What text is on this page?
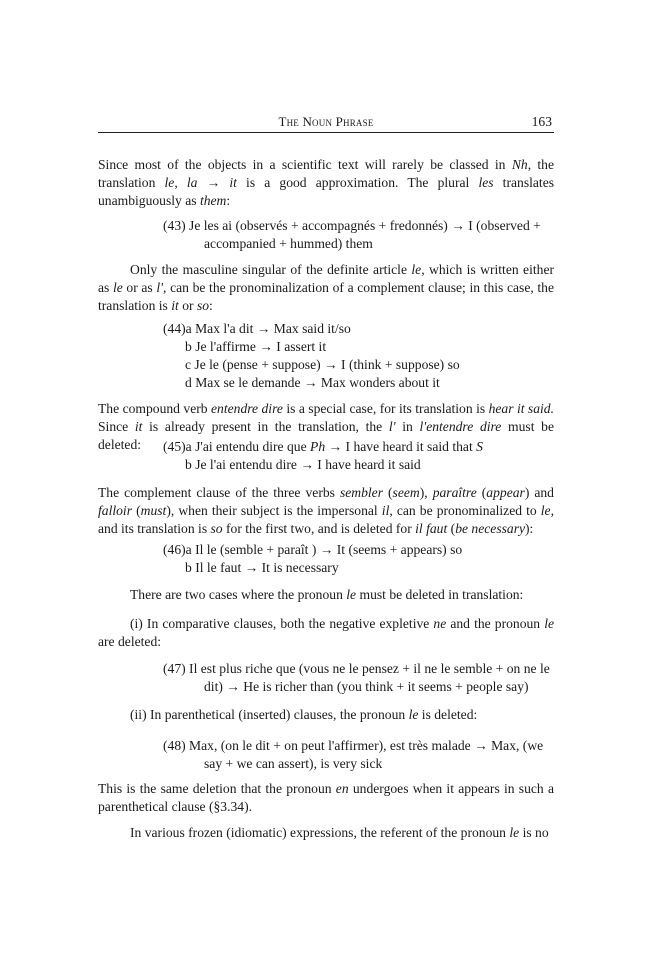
The Noun Phrase	163

Since most of the objects in a scientific text will rarely be classed in Nh, the translation le, la → it is a good approximation. The plural les translates unambiguously as them:

(43) Je les ai (observés + accompagnés + fredonnés) → I (observed +
accompanied + hummed) them

Only the masculine singular of the definite article le, which is written either as le or as l', can be the pronominalization of a complement clause; in this case, the translation is it or so:

(44)a Max l'a dit → Max said it/so
b Je l'affirme → I assert it
c Je le (pense + suppose) → I (think + suppose) so
d Max se le demande → Max wonders about it

The compound verb entendre dire is a special case, for its translation is hear it said. Since it is already present in the translation, the l' in l'entendre dire must be deleted:	(45)a J'ai entendu dire que Ph → I have heard it said that S
b Je l'ai entendu dire → I have heard it said

The complement clause of the three verbs sembler (seem), paraître (appear) and falloir (must), when their subject is the impersonal il, can be pronominalized to le, and its translation is so for the first two, and is deleted for il faut (be necessary):

(46)a Il le (semble + paraît ) → It (seems + appears) so
b Il le faut → It is necessary

There are two cases where the pronoun le must be deleted in translation:

(i) In comparative clauses, both the negative expletive ne and the pronoun le are deleted:

(47) Il est plus riche que (vous ne le pensez + il ne le semble + on ne le
dit) → He is richer than (you think + it seems + people say)

(ii) In parenthetical (inserted) clauses, the pronoun le is deleted:

(48) Max, (on le dit + on peut l'affirmer), est très malade → Max, (we
say + we can assert), is very sick

This is the same deletion that the pronoun en undergoes when it appears in such a parenthetical clause (§3.34).

In various frozen (idiomatic) expressions, the referent of the pronoun le is no
